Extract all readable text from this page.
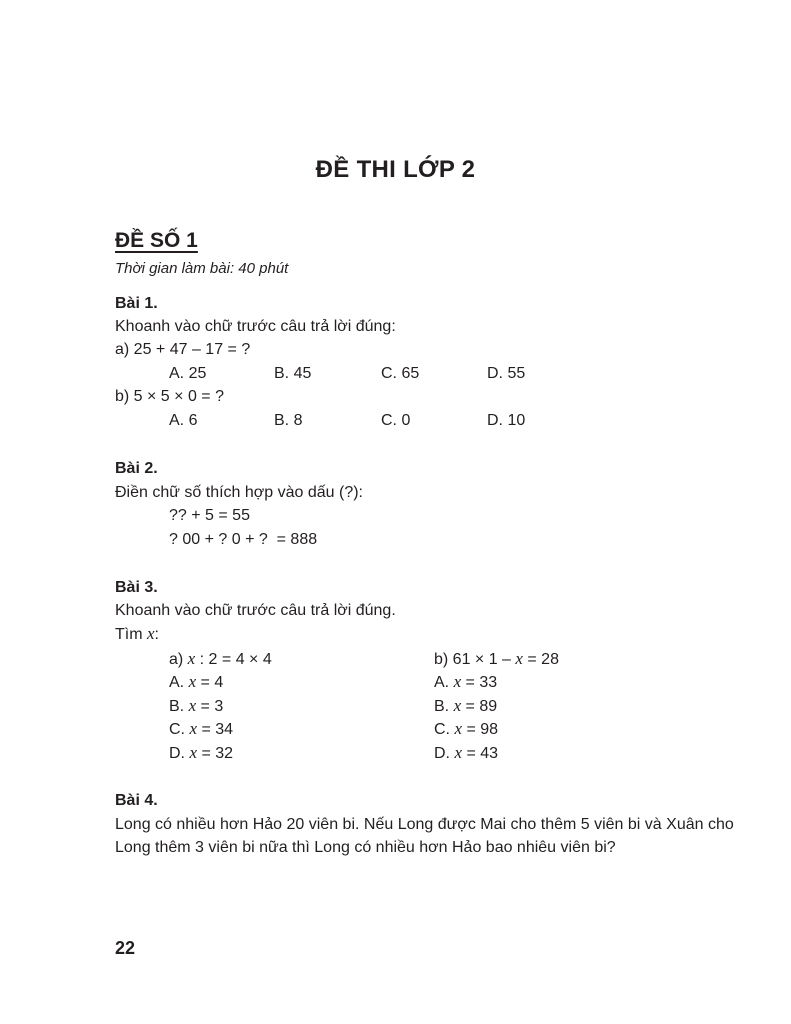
ĐỀ THI LỚP 2
ĐỀ SỐ 1
Thời gian làm bài: 40 phút
Bài 1.
Khoanh vào chữ trước câu trả lời đúng:
a) 25 + 47 – 17 = ?
A. 25	B. 45	C. 65	D. 55
b) 5 × 5 × 0 = ?
A. 6	B. 8	C. 0	D. 10
Bài 2.
Điền chữ số thích hợp vào dấu (?):
?? + 5 = 55
? 00 + ? 0 + ?  = 888
Bài 3.
Khoanh vào chữ trước câu trả lời đúng.
Tìm x:
a) x : 2 = 4 × 4
A. x = 4
B. x = 3
C. x = 34
D. x = 32
b) 61 × 1 – x = 28
A. x = 33
B. x = 89
C. x = 98
D. x = 43
Bài 4.
Long có nhiều hơn Hảo 20 viên bi. Nếu Long được Mai cho thêm 5 viên bi và Xuân cho
Long thêm 3 viên bi nữa thì Long có nhiều hơn Hảo bao nhiêu viên bi?
22
